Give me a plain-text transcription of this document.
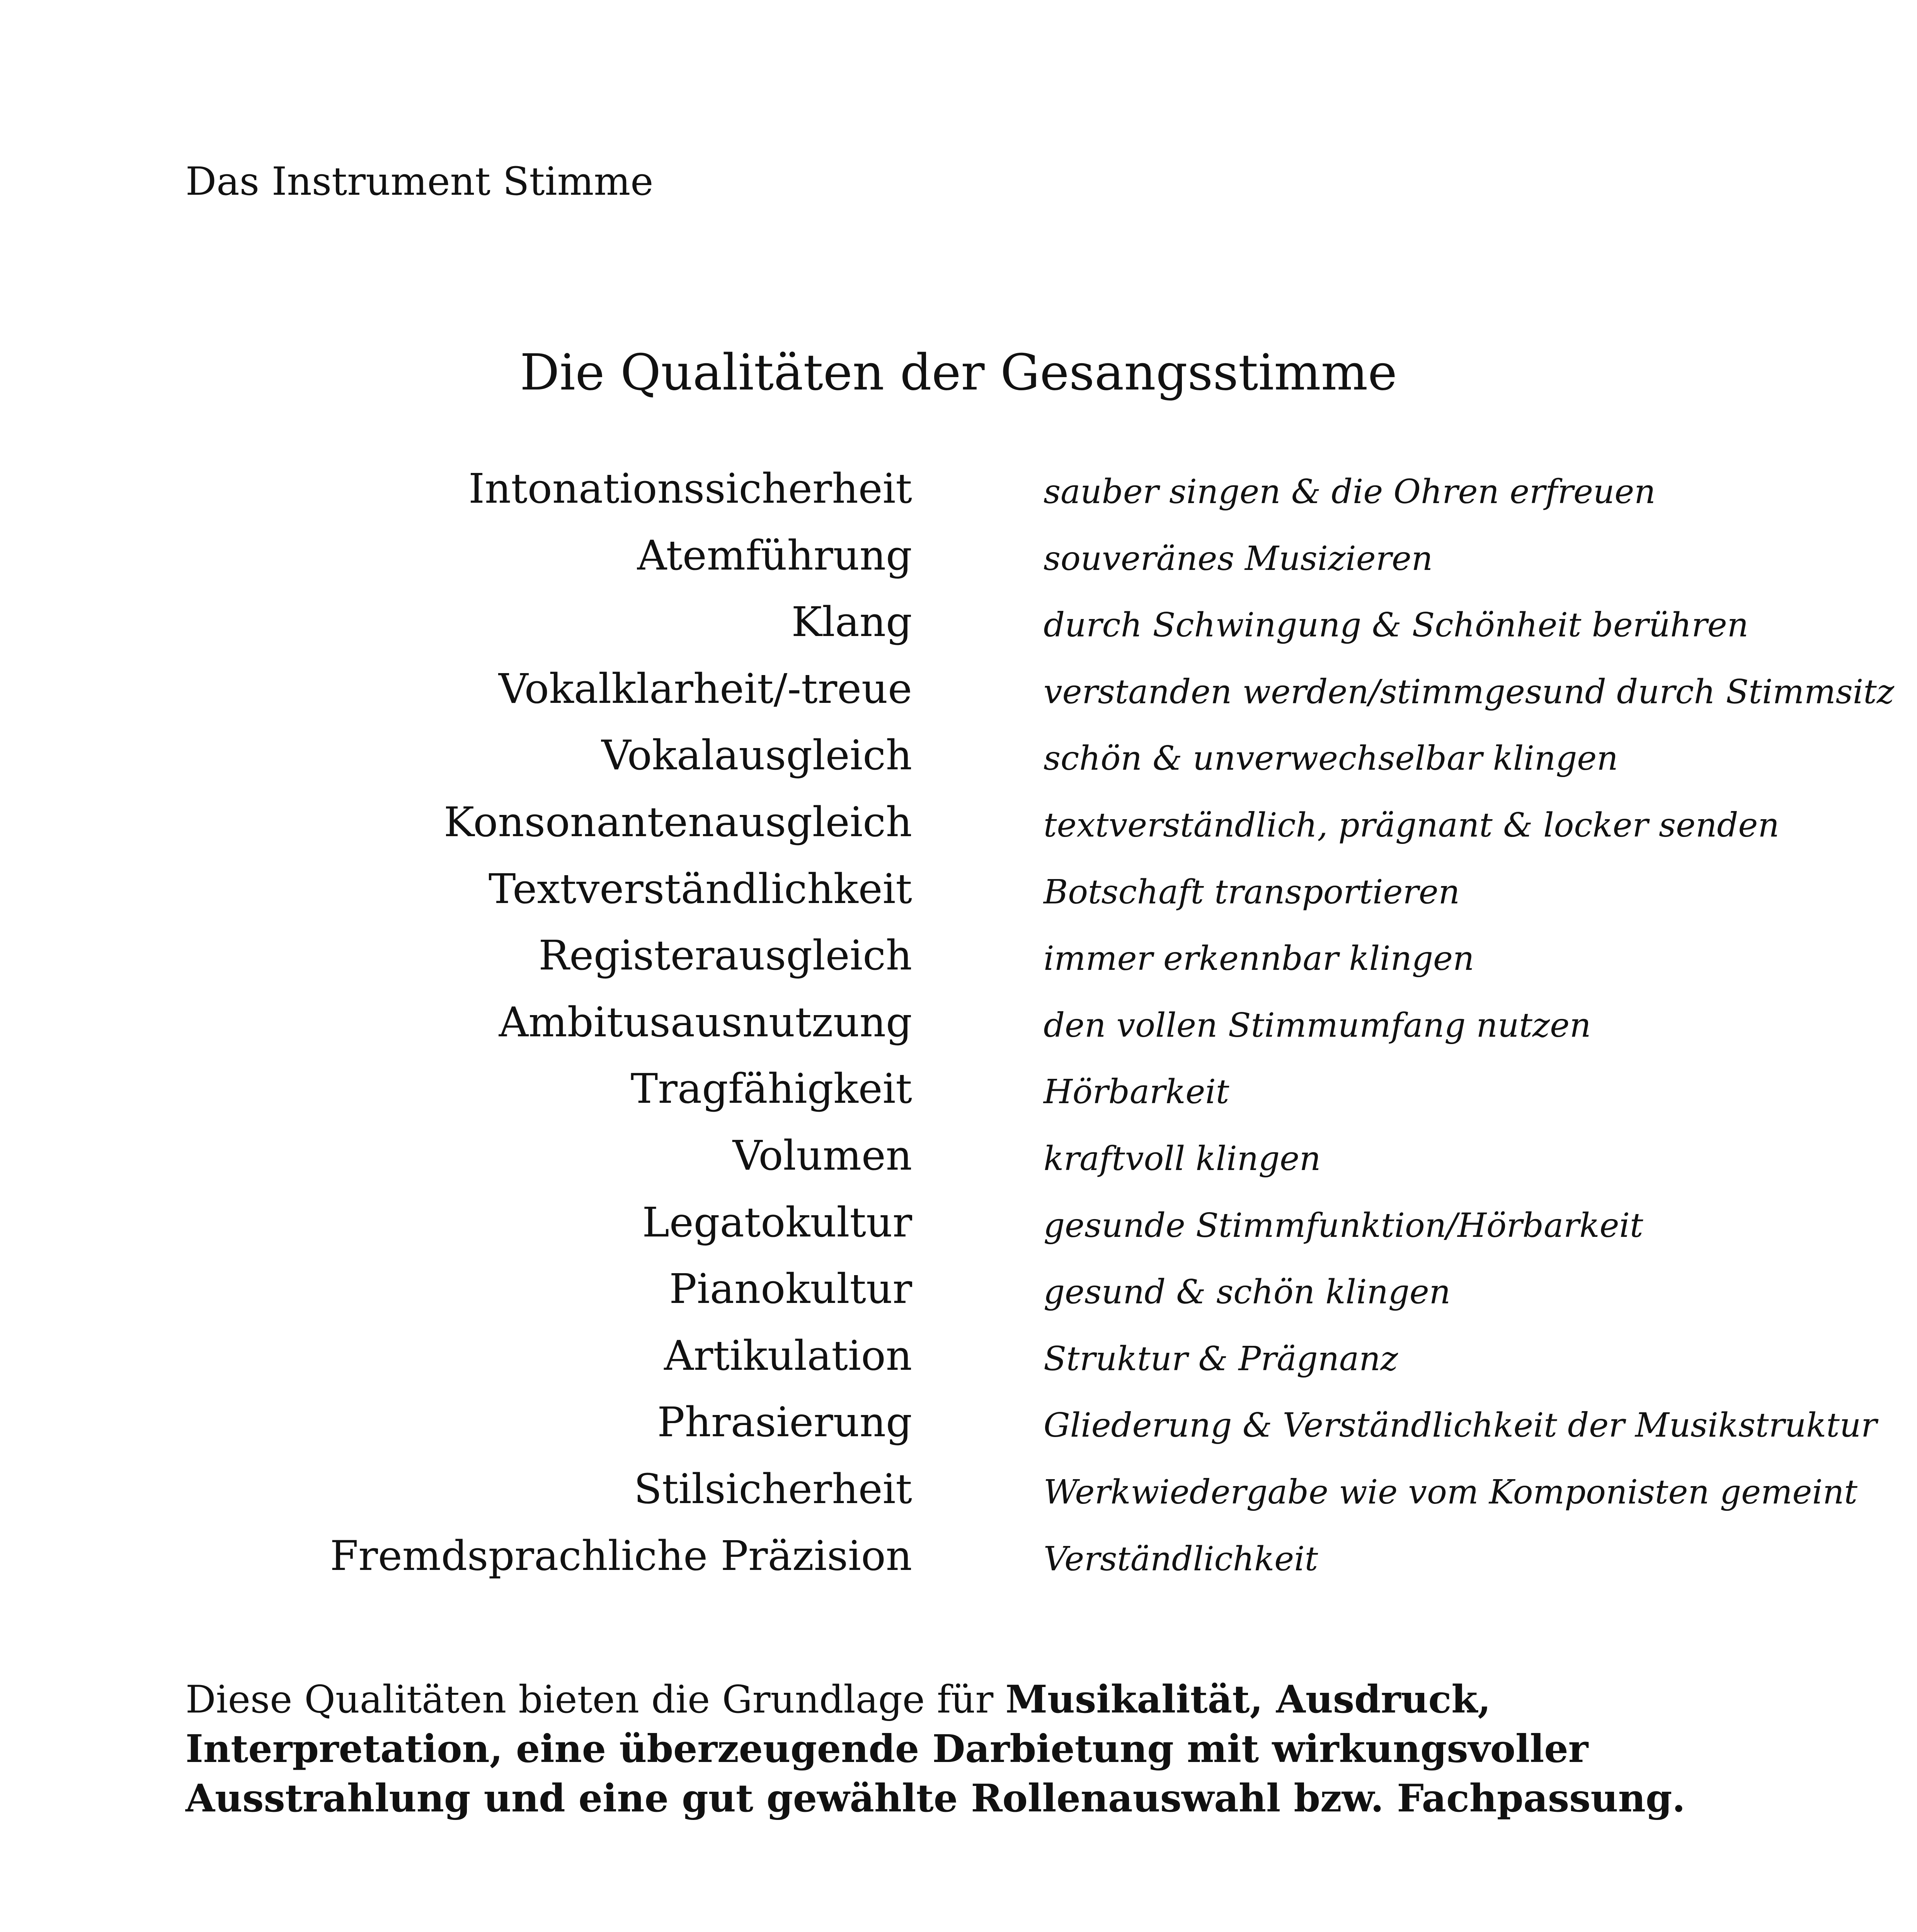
Das Instrument Stimme
Die Qualitäten der Gesangsstimme
Intonationssicherheit	sauber singen & die Ohren erfreuen
Atemführung	souveränes Musizieren
Klang	durch Schwingung & Schönheit berühren
Vokalklarheit/-treue	verstanden werden/stimmgesund durch Stimmsitz
Vokalausgleich	schön & unverwechselbar klingen
Konsonantenausgleich	textverständlich, prägnant & locker senden
Textverständlichkeit	Botschaft transportieren
Registerausgleich	immer erkennbar klingen
Ambitusausnutzung	den vollen Stimmumfang nutzen
Tragfähigkeit	Hörbarkeit
Volumen	kraftvoll klingen
Legatokultur	gesunde Stimmfunktion/Hörbarkeit
Pianokultur	gesund & schön klingen
Artikulation	Struktur & Prägnanz
Phrasierung	Gliederung & Verständlichkeit der Musikstruktur
Stilsicherheit	Werkwiedergabe wie vom Komponisten gemeint
Fremdsprachliche Präzision	Verständlichkeit

Diese Qualitäten bieten die Grundlage für Musikalität, Ausdruck, Interpretation, eine überzeugende Darbietung mit wirkungsvoller Ausstrahlung und eine gut gewählte Rollenauswahl bzw. Fachpassung.
